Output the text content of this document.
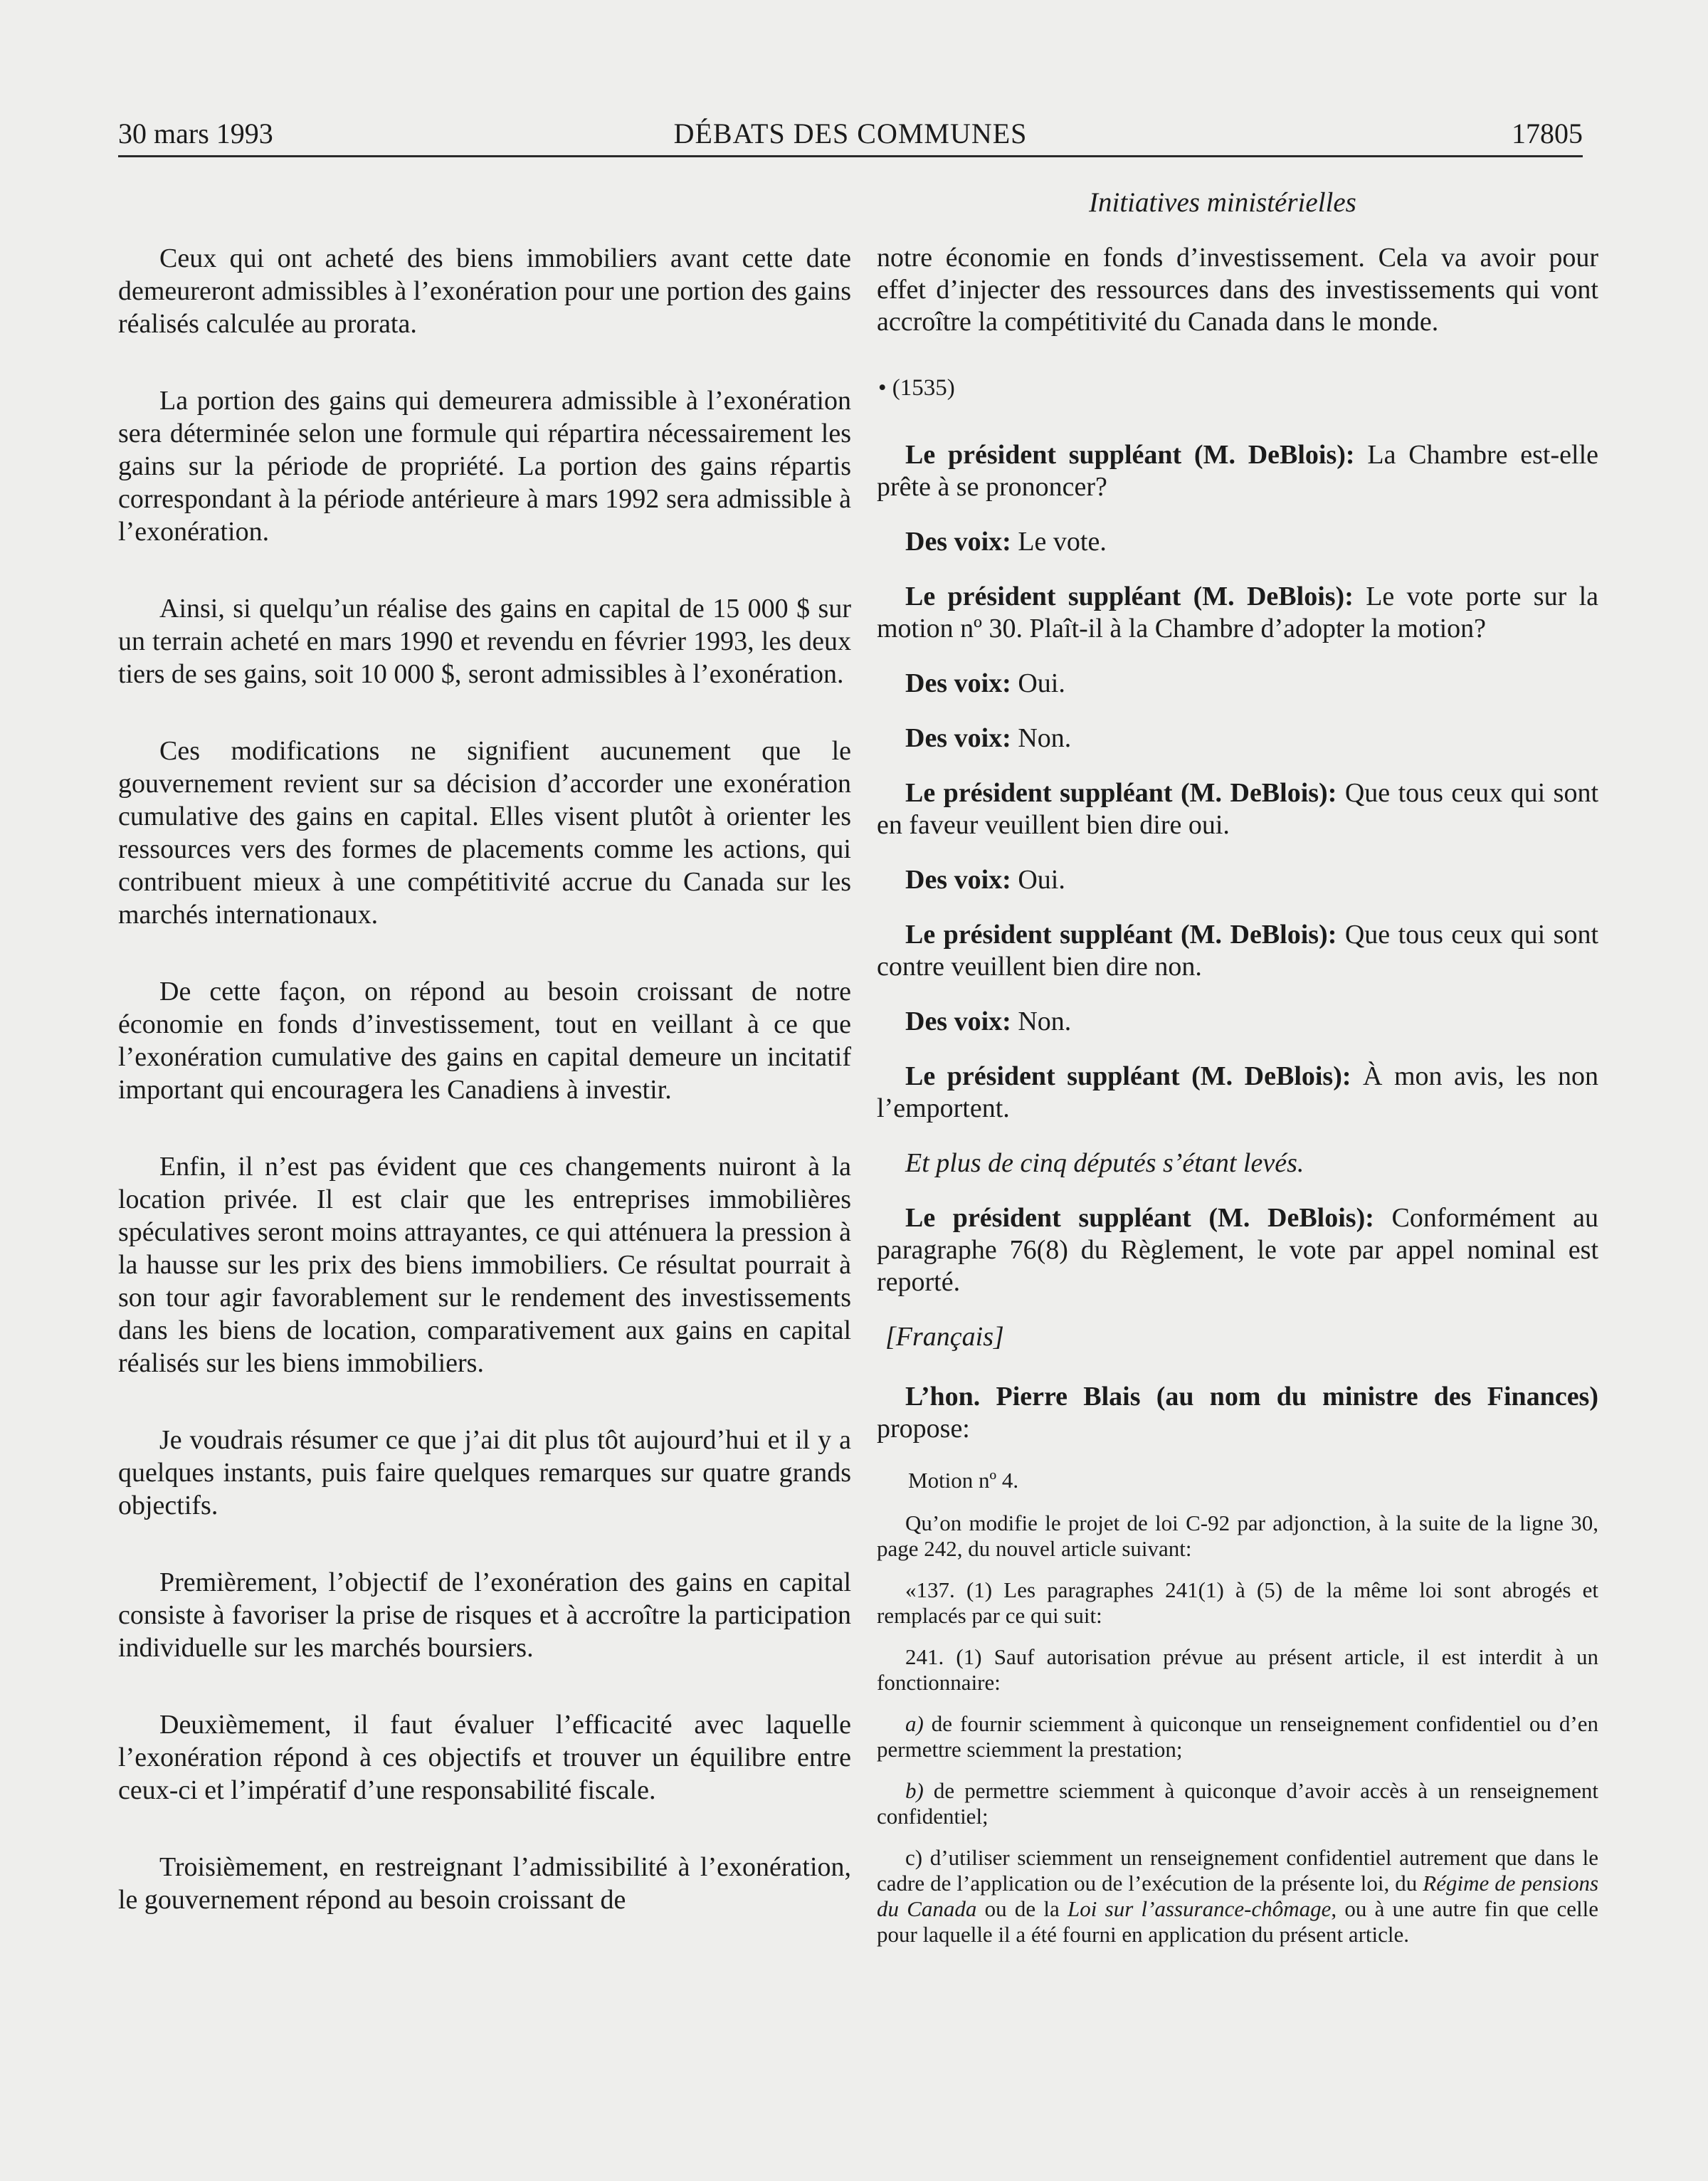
30 mars 1993	DÉBATS DES COMMUNES	17805
Initiatives ministérielles

Ceux qui ont acheté des biens immobiliers avant cette date demeureront admissibles à l’exonération pour une portion des gains réalisés calculée au prorata.

La portion des gains qui demeurera admissible à l’exonération sera déterminée selon une formule qui répartira nécessairement les gains sur la période de propriété. La portion des gains répartis correspondant à la période antérieure à mars 1992 sera admissible à l’exonération.

Ainsi, si quelqu’un réalise des gains en capital de 15 000 $ sur un terrain acheté en mars 1990 et revendu en février 1993, les deux tiers de ses gains, soit 10 000 $, seront admissibles à l’exonération.

Ces modifications ne signifient aucunement que le gouvernement revient sur sa décision d’accorder une exonération cumulative des gains en capital. Elles visent plutôt à orienter les ressources vers des formes de placements comme les actions, qui contribuent mieux à une compétitivité accrue du Canada sur les marchés internationaux.

De cette façon, on répond au besoin croissant de notre économie en fonds d’investissement, tout en veillant à ce que l’exonération cumulative des gains en capital demeure un incitatif important qui encouragera les Canadiens à investir.

Enfin, il n’est pas évident que ces changements nuiront à la location privée. Il est clair que les entreprises immobilières spéculatives seront moins attrayantes, ce qui atténuera la pression à la hausse sur les prix des biens immobiliers. Ce résultat pourrait à son tour agir favorablement sur le rendement des investissements dans les biens de location, comparativement aux gains en capital réalisés sur les biens immobiliers.

Je voudrais résumer ce que j’ai dit plus tôt aujourd’hui et il y a quelques instants, puis faire quelques remarques sur quatre grands objectifs.

Premièrement, l’objectif de l’exonération des gains en capital consiste à favoriser la prise de risques et à accroître la participation individuelle sur les marchés boursiers.

Deuxièmement, il faut évaluer l’efficacité avec laquelle l’exonération répond à ces objectifs et trouver un équilibre entre ceux-ci et l’impératif d’une responsabilité fiscale.

Troisièmement, en restreignant l’admissibilité à l’exonération, le gouvernement répond au besoin croissant de

notre économie en fonds d’investissement. Cela va avoir pour effet d’injecter des ressources dans des investissements qui vont accroître la compétitivité du Canada dans le monde.

• (1535)

Le président suppléant (M. DeBlois): La Chambre est-elle prête à se prononcer?

Des voix: Le vote.

Le président suppléant (M. DeBlois): Le vote porte sur la motion nº 30. Plaît-il à la Chambre d’adopter la motion?

Des voix: Oui.

Des voix: Non.

Le président suppléant (M. DeBlois): Que tous ceux qui sont en faveur veuillent bien dire oui.

Des voix: Oui.

Le président suppléant (M. DeBlois): Que tous ceux qui sont contre veuillent bien dire non.

Des voix: Non.

Le président suppléant (M. DeBlois): À mon avis, les non l’emportent.

Et plus de cinq députés s’étant levés.

Le président suppléant (M. DeBlois): Conformément au paragraphe 76(8) du Règlement, le vote par appel nominal est reporté.

[Français]

L’hon. Pierre Blais (au nom du ministre des Finances) propose:

Motion nº 4.

Qu’on modifie le projet de loi C-92 par adjonction, à la suite de la ligne 30, page 242, du nouvel article suivant:

«137. (1) Les paragraphes 241(1) à (5) de la même loi sont abrogés et remplacés par ce qui suit:

241. (1) Sauf autorisation prévue au présent article, il est interdit à un fonctionnaire:

a) de fournir sciemment à quiconque un renseignement confidentiel ou d’en permettre sciemment la prestation;

b) de permettre sciemment à quiconque d’avoir accès à un renseignement confidentiel;

c) d’utiliser sciemment un renseignement confidentiel autrement que dans le cadre de l’application ou de l’exécution de la présente loi, du Régime de pensions du Canada ou de la Loi sur l’assurance-chômage, ou à une autre fin que celle pour laquelle il a été fourni en application du présent article.
